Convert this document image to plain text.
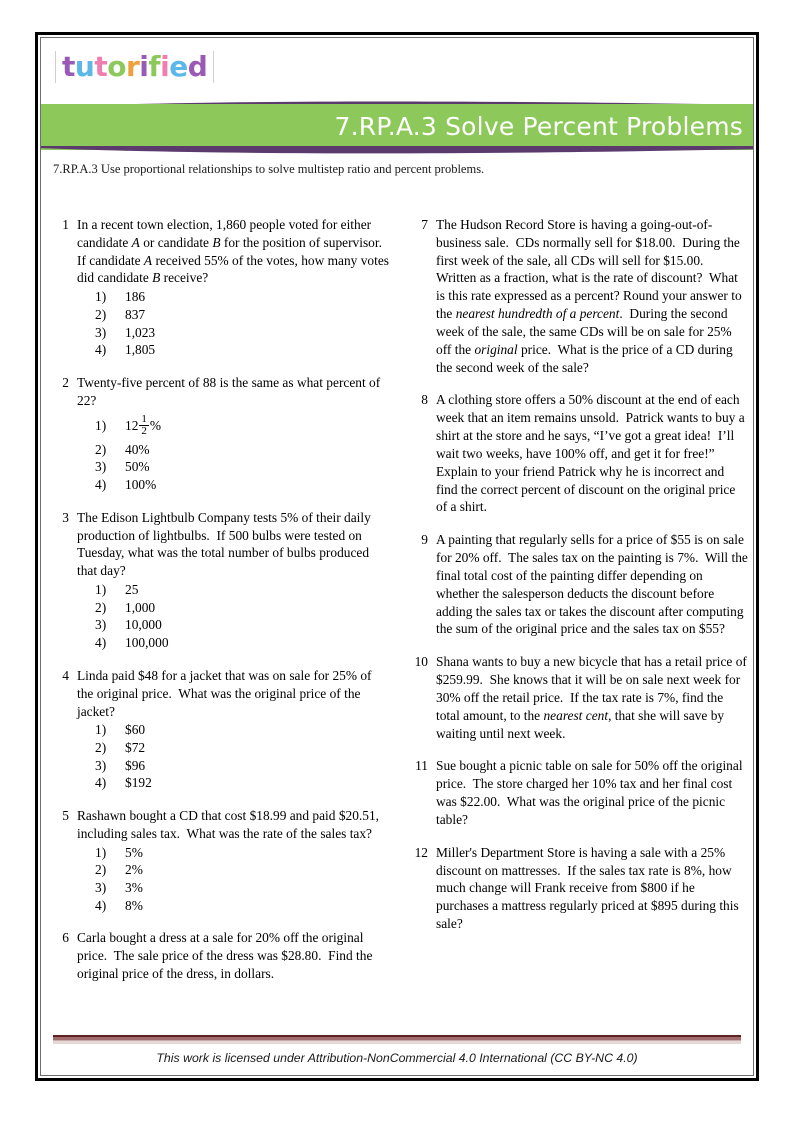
tutorified
7.RP.A.3 Solve Percent Problems
7.RP.A.3 Use proportional relationships to solve multistep ratio and percent problems.
1 In a recent town election, 1,860 people voted for either candidate A or candidate B for the position of supervisor.  If candidate A received 55% of the votes, how many votes did candidate B receive?
1)	186
2)	837
3)	1,023
4)	1,805
2 Twenty-five percent of 88 is the same as what percent of 22?
1)	$12 \frac{1}{2}$ %
2)	40%
3)	50%
4)	100%
3 The Edison Lightbulb Company tests 5% of their daily production of lightbulbs.  If 500 bulbs were tested on Tuesday, what was the total number of bulbs produced that day?
1)	25
2)	1,000
3)	10,000
4)	100,000
4 Linda paid $48 for a jacket that was on sale for 25% of the original price.  What was the original price of the jacket?
1)	$60
2)	$72
3)	$96
4)	$192
5 Rashawn bought a CD that cost $18.99 and paid $20.51, including sales tax.  What was the rate of the sales tax?
1)	5%
2)	2%
3)	3%
4)	8%
6 Carla bought a dress at a sale for 20% off the original price.  The sale price of the dress was $28.80.  Find the original price of the dress, in dollars.
7 The Hudson Record Store is having a going-out-of-business sale.  CDs normally sell for $18.00.  During the first week of the sale, all CDs will sell for $15.00.  Written as a fraction, what is the rate of discount?  What is this rate expressed as a percent? Round your answer to the nearest hundredth of a percent.  During the second week of the sale, the same CDs will be on sale for 25% off the original price.  What is the price of a CD during the second week of the sale?
8 A clothing store offers a 50% discount at the end of each week that an item remains unsold.  Patrick wants to buy a shirt at the store and he says, “I’ve got a great idea!  I’ll wait two weeks, have 100% off, and get it for free!”  Explain to your friend Patrick why he is incorrect and find the correct percent of discount on the original price of a shirt.
9 A painting that regularly sells for a price of $55 is on sale for 20% off.  The sales tax on the painting is 7%.  Will the final total cost of the painting differ depending on whether the salesperson deducts the discount before adding the sales tax or takes the discount after computing the sum of the original price and the sales tax on $55?
10 Shana wants to buy a new bicycle that has a retail price of $259.99.  She knows that it will be on sale next week for 30% off the retail price.  If the tax rate is 7%, find the total amount, to the nearest cent, that she will save by waiting until next week.
11 Sue bought a picnic table on sale for 50% off the original price.  The store charged her 10% tax and her final cost was $22.00.  What was the original price of the picnic table?
12 Miller's Department Store is having a sale with a 25% discount on mattresses.  If the sales tax rate is 8%, how much change will Frank receive from $800 if he purchases a mattress regularly priced at $895 during this sale?
This work is licensed under Attribution-NonCommercial 4.0 International (CC BY-NC 4.0)
